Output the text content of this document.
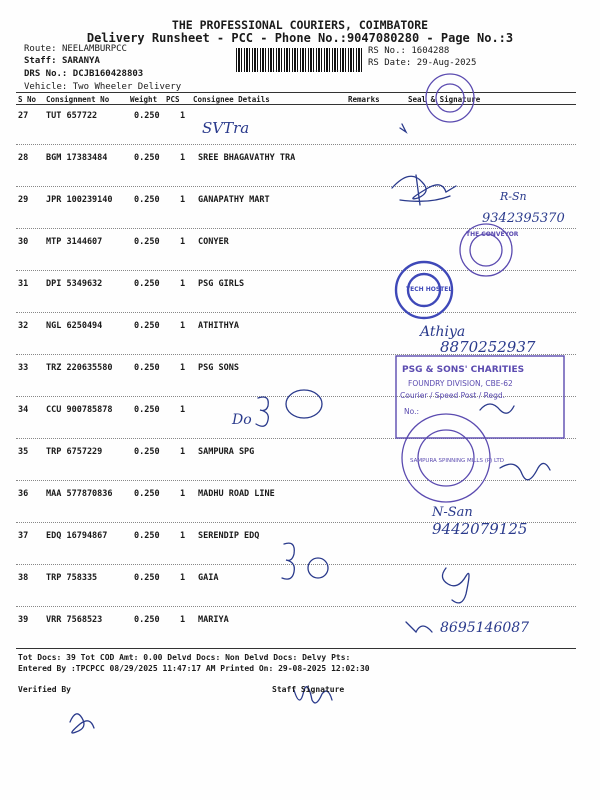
THE PROFESSIONAL COURIERS, COIMBATORE
Delivery Runsheet - PCC - Phone No.:9047080280 - Page No.:3
Route: NEELAMBURPCC
Staff: SARANYA
DRS No.: DCJB160428803
Vehicle: Two Wheeler Delivery
RS No.: 1604288
RS Date: 29-Aug-2025
S No Consignment No	Weight PCS Consignee Details	Remarks	Seal & Signature
27 TUT 657722	0.250 1
28 BGM 17383484	0.250 1 SREE BHAGAVATHY TRA
29 JPR 100239140	0.250 1 GANAPATHY MART
30 MTP 3144607	0.250 1 CONYER
31 DPI 5349632	0.250 1 PSG GIRLS
32 NGL 6250494	0.250 1 ATHITHYA
33 TRZ 220635580	0.250 1 PSG SONS
34 CCU 900785878	0.250 1
35 TRP 6757229	0.250 1 SAMPURA SPG
36 MAA 577870836	0.250 1 MADHU ROAD LINE
37 EDQ 16794867	0.250 1 SERENDIP EDQ
38 TRP 758335	0.250 1 GAIA
39 VRR 7568523	0.250 1 MARIYA
SVTra
R-Sn
9342395370
THE CONVEYOR
TECH HOSTEL
Athiya
8870252937
PSG & SONS' CHARITIES
FOUNDRY DIVISION, CBE-62
Courier / Speed Post / Regd.
No.:
Do
SAMPURA SPINNING MILLS (P) LTD
N-San
9442079125
8695146087
Tot Docs: 39 Tot COD Amt: 0.00 Delvd Docs: Non Delvd Docs: Delvy Pts:
Entered By :TPCPCC 08/29/2025 11:47:17 AM Printed On: 29-08-2025 12:02:30
Verified By	Staff Signature
